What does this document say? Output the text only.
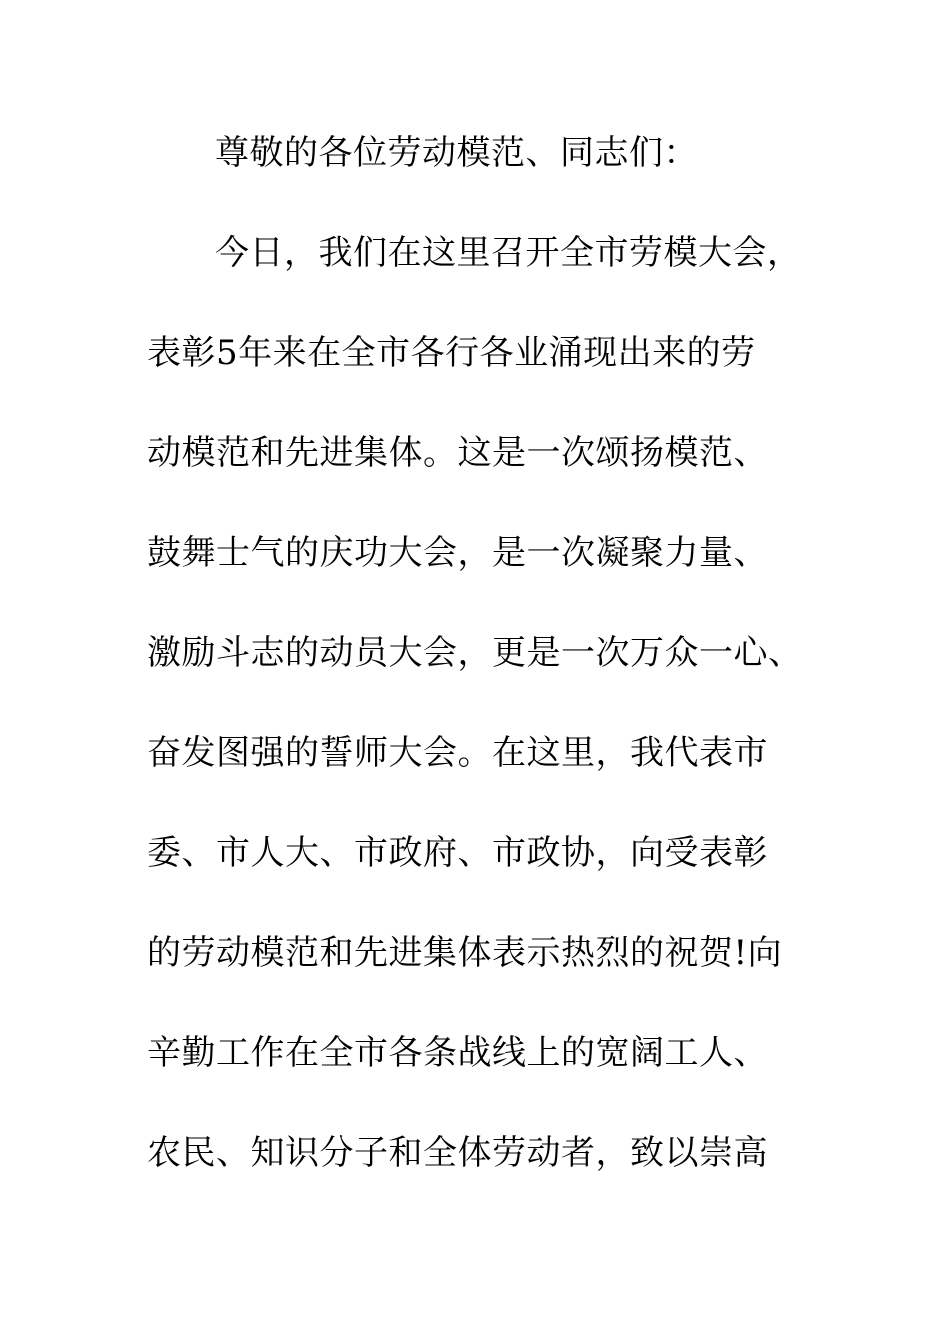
尊敬的各位劳动模范、同志们：
今日，我们在这里召开全市劳模大会，
表彰5年来在全市各行各业涌现出来的劳
动模范和先进集体。这是一次颂扬模范、
鼓舞士气的庆功大会，是一次凝聚力量、
激励斗志的动员大会，更是一次万众一心、
奋发图强的誓师大会。在这里，我代表市
委、市人大、市政府、市政协，向受表彰
的劳动模范和先进集体表示热烈的祝贺!向
辛勤工作在全市各条战线上的宽阔工人、
农民、知识分子和全体劳动者，致以崇高
